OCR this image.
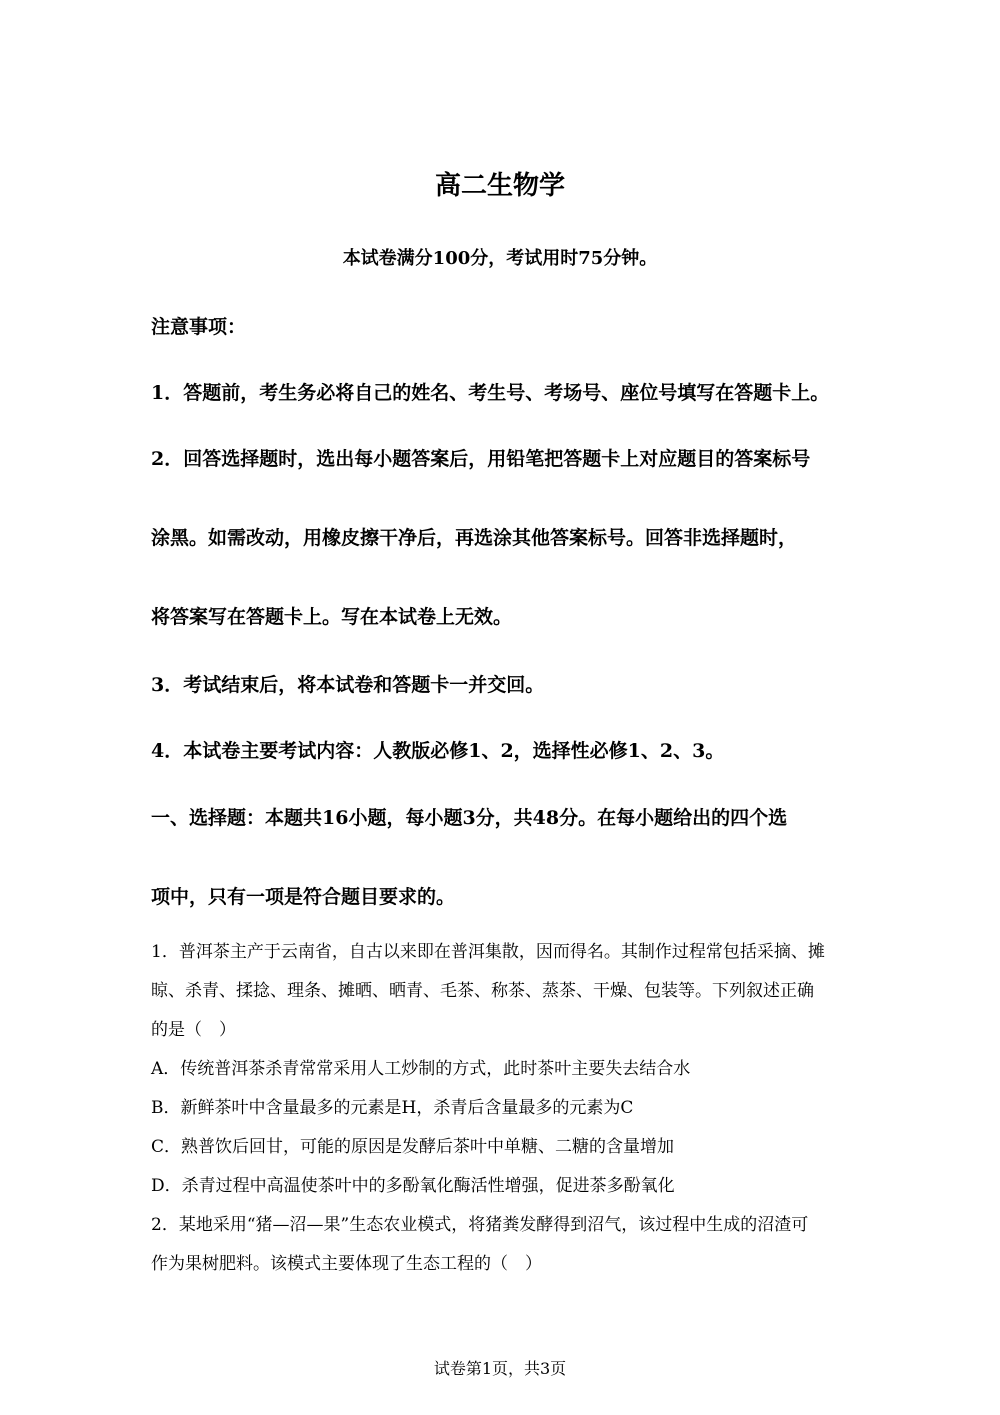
高二生物学

本试卷满分100分，考试用时75分钟。

注意事项：

1．答题前，考生务必将自己的姓名、考生号、考场号、座位号填写在答题卡上。

2．回答选择题时，选出每小题答案后，用铅笔把答题卡上对应题目的答案标号

涂黑。如需改动，用橡皮擦干净后，再选涂其他答案标号。回答非选择题时，

将答案写在答题卡上。写在本试卷上无效。

3．考试结束后，将本试卷和答题卡一并交回。

4．本试卷主要考试内容：人教版必修1、2，选择性必修1、2、3。

一、选择题：本题共16小题，每小题3分，共48分。在每小题给出的四个选

项中，只有一项是符合题目要求的。

1．普洱茶主产于云南省，自古以来即在普洱集散，因而得名。其制作过程常包括采摘、摊

晾、杀青、揉捻、理条、摊晒、晒青、毛茶、称茶、蒸茶、干燥、包装等。下列叙述正确

的是（　）

A．传统普洱茶杀青常常采用人工炒制的方式，此时茶叶主要失去结合水

B．新鲜茶叶中含量最多的元素是H，杀青后含量最多的元素为C

C．熟普饮后回甘，可能的原因是发酵后茶叶中单糖、二糖的含量增加

D．杀青过程中高温使茶叶中的多酚氧化酶活性增强，促进茶多酚氧化

2．某地采用“猪—沼—果”生态农业模式，将猪粪发酵得到沼气，该过程中生成的沼渣可

作为果树肥料。该模式主要体现了生态工程的（　）

试卷第1页，共3页
